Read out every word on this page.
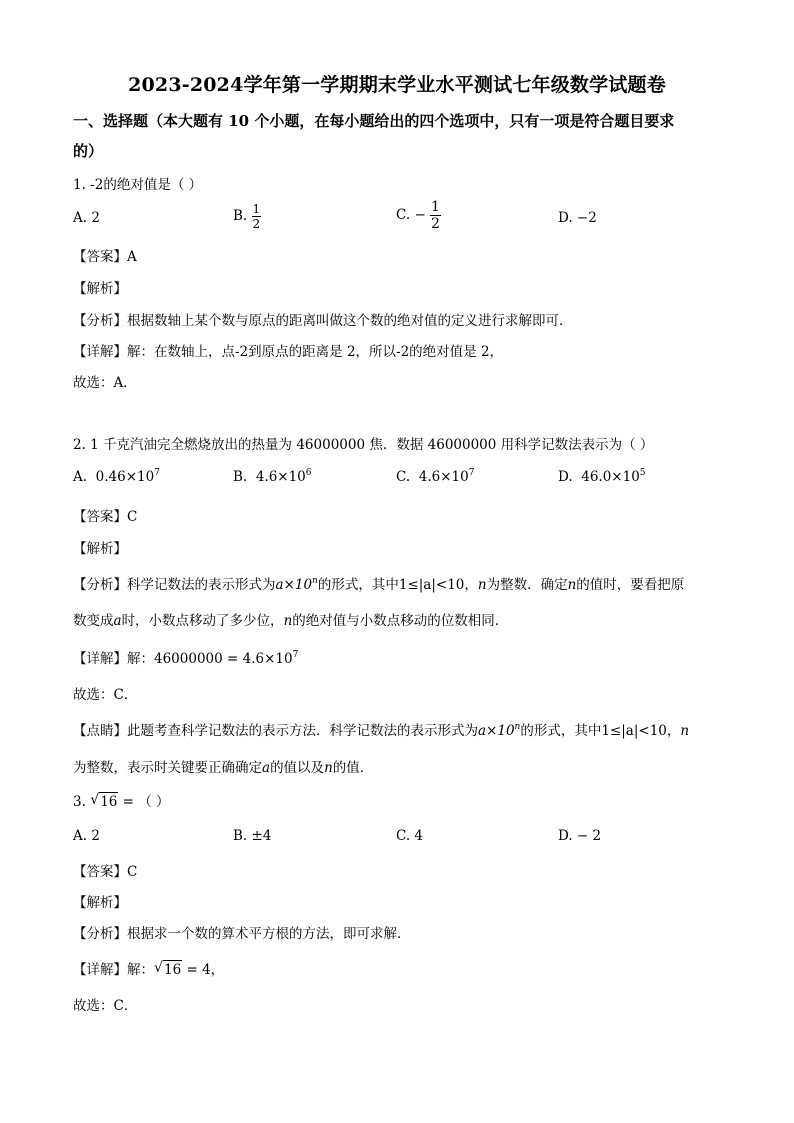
2023-2024学年第一学期期末学业水平测试七年级数学试题卷
一、选择题（本大题有 10 个小题，在每小题给出的四个选项中，只有一项是符合题目要求
的）
1. -2的绝对值是（ ）
A. 2	B. $\frac{1}{2}$	C. − $\frac{1}{2}$	D. −2
【答案】A
【解析】
【分析】根据数轴上某个数与原点的距离叫做这个数的绝对值的定义进行求解即可．
【详解】解：在数轴上，点-2到原点的距离是 2，所以-2的绝对值是 2，
故选：A．
2. 1 千克汽油完全燃烧放出的热量为 46000000 焦．数据 46000000 用科学记数法表示为（ ）
A. $0.46\times 10^7$	B. $4.6\times 10^6$	C. $4.6\times 10^7$	D. $46.0\times 10^5$
【答案】C
【解析】
【分析】科学记数法的表示形式为$a\times 10^n$的形式，其中1≤|a|<10，n为整数．确定n的值时，要看把原
数变成a时，小数点移动了多少位，n的绝对值与小数点移动的位数相同．
【详解】解：$46000000 = 4.6\times 10^7$
故选：C．
【点睛】此题考查科学记数法的表示方法．科学记数法的表示形式为$a\times 10^n$的形式，其中1≤|a|<10，n
为整数，表示时关键要正确确定a的值以及n的值．
3. √ 16 = （ ）
A. 2	B. ±4	C. 4	D. − 2
【答案】C
【解析】
【分析】根据求一个数的算术平方根的方法，即可求解．
【详解】解： √ 16 = 4，
故选：C．
